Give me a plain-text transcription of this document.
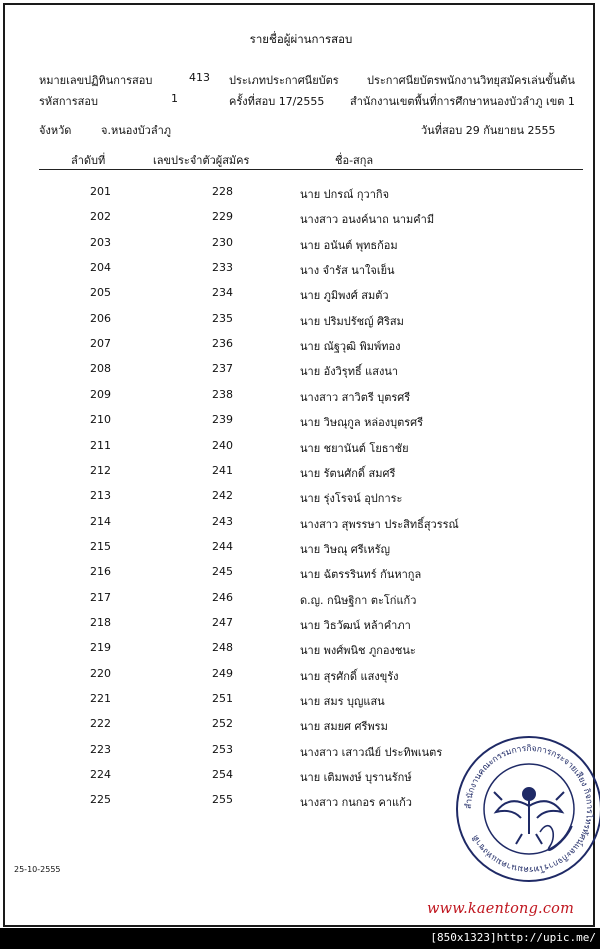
รายชื่อผู้ผ่านการสอบ
หมายเลขปฏิทินการสอบ	413 ประเภทประกาศนียบัตร	ประกาศนียบัตรพนักงานวิทยุสมัครเล่นขั้นต้น
รหัสการสอบ	1	ครั้งที่สอบ 17/2555 สำนักงานเขตพื้นที่การศึกษาหนองบัวลำภู เขต 1
จังหวัด	จ.หนองบัวลำภู	วันที่สอบ 29 กันยายน 2555
ลำดับที่	เลขประจำตัวผู้สมัคร	ชื่อ-สกุล
201	228	นาย ปกรณ์ กุวากิจ
202	229	นางสาว อนงค์นาถ นามคำมี
203	230	นาย อนันต์ พุทธก้อม
204	233	นาง จำรัส นาใจเย็น
205	234	นาย ภูมิพงศ์ สมตัว
206	235	นาย ปริมปรัชญ์ ศิริสม
207	236	นาย ณัฐวุฒิ พิมพ์ทอง
208	237	นาย อังวิรุทธิ์ แสงนา
209	238	นางสาว สาวิตรี บุตรศรี
210	239	นาย วิษณุกูล หล่องบุตรศรี
211	240	นาย ชยานันต์ โยธาชัย
212	241	นาย รัตนศักดิ์ สมศรี
213	242	นาย รุ่งโรจน์ อุปการะ
214	243	นางสาว สุพรรษา ประสิทธิ์สุวรรณ์
215	244	นาย วิษณุ ศรีเหรัญ
216	245	นาย ฉัตรรรินทร์ กันหากูล
217	246	ด.ญ. กนิษฐิกา ตะโก่แก้ว
218	247	นาย วิธวัฒน์ หล้าคำภา
219	248	นาย พงศ์พนิช ภูกองชนะ
220	249	นาย สุรศักดิ์ แสงขุรัง
221	251	นาย สมร บุญแสน
222	252	นาย สมยศ ศรีพรม
223	253	นางสาว เสาวณีย์ ประทิพเนตร
224	254	นาย เติมพงษ์ บุรานรักษ์
225	255	นางสาว กนกอร คาแก้ว
25-10-2555
สำนักงานคณะกรรมการกิจการกระจายเสียง กิจการโทรทัศน์และกิจการโทรคมนาคมแห่งชาติ
www.kaentong.com
[850x1323]http://upic.me/
